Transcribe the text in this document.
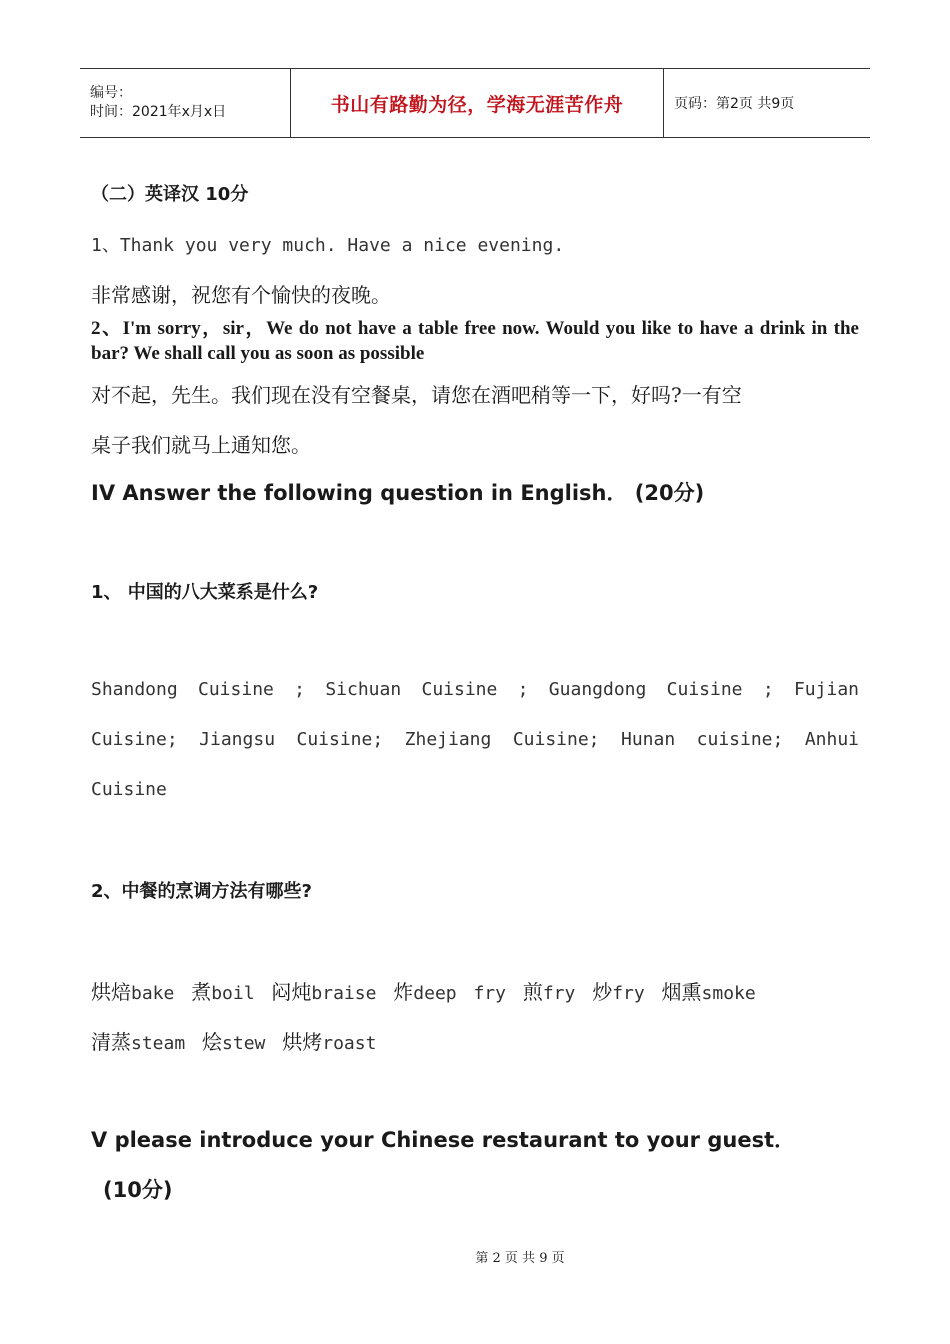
编号：
时间：2021年x月x日	书山有路勤为径，学海无涯苦作舟	页码：第2页 共9页
（二）英译汉 10分
1、Thank you very much. Have a nice evening.
非常感谢，祝您有个愉快的夜晚。
2、I'm sorry，sir，We do not have a table free now. Would you like to have a drink in the bar? We shall call you as soon as possible
对不起，先生。我们现在没有空餐桌，请您在酒吧稍等一下，好吗?一有空
桌子我们就马上通知您。
IV Answer the following question in English． (20分)
1、 中国的八大菜系是什么?
Shandong Cuisine ; Sichuan Cuisine ; Guangdong Cuisine ; Fujian
Cuisine; Jiangsu Cuisine; Zhejiang Cuisine; Hunan cuisine; Anhui
Cuisine
2、中餐的烹调方法有哪些?
烘焙bake 煮boil 闷炖braise 炸deep fry 煎fry 炒fry 烟熏smoke
清蒸steam 烩stew 烘烤roast
V please introduce your Chinese restaurant to your guest．
(10分)
第 2 页 共 9 页
